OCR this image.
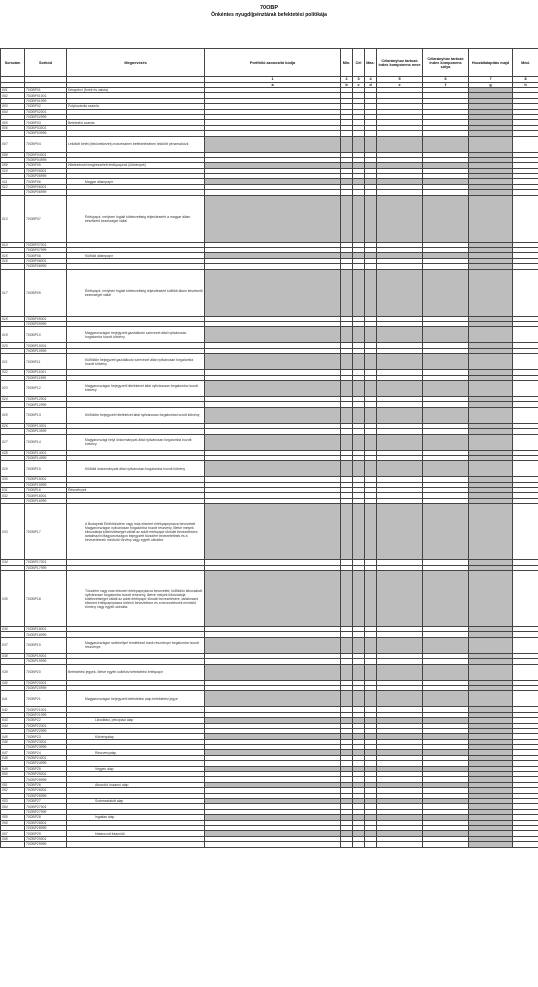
70OBP
Önkéntes nyugdíjpénztárak befektetési politikája
Sorszám	Sorkód	Megnevezés	Portfólió azonosító kódja	Min.	Cél	Max.	Célarányhoz tartozó index komponens neve	Célarányhoz tartozó index komponens súlya	Hozzállalapítás majd	Mód.
			1	2	3	4	5	6	7	8
			a	b	c	d	e	f	g	h
001	70OBP01	Készpénz (forint és valuta)								
002	70OBP01001									
	70OBP01999									
003	70OBP02	Folyószámla számla								
004	70OBP02001									
	70OBP02999									
005	70OBP03	Betételési számla								
006	70OBP03001									
	70OBP03999									
007	70OBP04	Lekötött betét (bekövetkezés) másrészben befektetésében lekötött pénzeszközk								
008	70OBP04001									
	70OBP04999									
009	70OBP05	Hitelezésnél megbeszélett értékpapírok (kötvények)								
010	70OBP05001									
	70OBP05999									
011	70OBP06	Magyar állampapír								
012	70OBP06001									
	70OBP06999									
013	70OBP07	Értékpapír, melyben foglalt kötelezettség teljesítéséért a magyar állam készfizető kezességet vállal								
014	70OBP07001									
	70OBP07999									
015	70OBP08	Külföldi állampapír								
016	70OBP08001									
	70OBP08999									
017	70OBP09	Értékpapír, melyben foglalt kötelezettség teljesítéséért külföldi állam készfizető kezességet vállal								
018	70OBP09001									
	70OBP09999									
019	70OBP10	Magyarországon bejegyzett gazdálkodó szervezet által nyilvánosan forgalomba hozott kötvény								
020	70OBP10001									
	70OBP10999									
021	70OBP11	Külföldön bejegyzett gazdálkodó szervezet által nyilvánosan forgalomba hozott kötvény								
022	70OBP11001									
	70OBP11999									
023	70OBP12	Magyarországon bejegyzett hitelintézet által nyilvánosan forgalomba hozott kötvény								
024	70OBP12001									
	70OBP12999									
025	70OBP13	Külföldön bejegyzett hitelintézet által nyilvánosan forgalomba hozott kötvény								
026	70OBP13001									
	70OBP13999									
027	70OBP14	Magyarországi helyi önkormányzat által nyilvánosan forgalomba hozott kötvény								
028	70OBP14001									
	70OBP14999									
029	70OBP15	Külföldi önkormányzat által nyilvánosan forgalomba hozott kötvény								
030	70OBP15001									
	70OBP15999									
031	70OBP16	Részvények								
032	70OBP16001									
	70OBP16999									
033	70OBP17	A Budapesti Értéktőzsdére vagy más elismert értékpapírpiacra bevezetett Magyarországon nyilvánosan forgalomba hozott részvény, illetve melyek kibocsátója kötelezettséget vállalt az adott értékpapír tőzsdei bevezetésére, tartalmazni Magyarországon bejegyzett tőzsdére bevezetettnek és a bevezetésnek minősítő törvény vagy egyéb okiratba								
034	70OBP17001									
	70OBP17999									
035	70OBP18	Tőzsdére vagy más elismert értékpapírpiacra bevezetett, külföldön kibocsátott, nyilvánosan forgalomba hozott részvény, illetve melyek kibocsátója kötelezettséget vállalt az adott értékpapír tőzsdei bevezetésére, tartalmazni elismert értékpapírpiacra történő bevezetésre és a bevezetésnek minősítő törvény vagy egyéb okiratba								
036	70OBP18001									
	70OBP18999									
037	70OBP19	Magyarországon székhellyel rendelkező bank részvényei forgalomba hozott részvénye								
038	70OBP19001									
	70OBP19999									
039	70OBP20	Befektetési jegyek, illetve egyéb kollektív befektetési értékpapír								
040	70OBP20001									
	70OBP20999									
041	70OBP21	Magyarországon bejegyzett befektetési alap befektetési jegye								
042	70OBP21001									
	70OBP21999									
043	70OBP22	Likviditási, pénzpiaci alap								
044	70OBP22001									
	70OBP22999									
045	70OBP23	Kötvényalap								
046	70OBP23001									
	70OBP23999									
047	70OBP24	Részvényalap								
048	70OBP24001									
	70OBP24999									
049	70OBP25	Vegyes alap								
050	70OBP25001									
	70OBP25999									
051	70OBP26	Abszolút hozamú alap								
052	70OBP26001									
	70OBP26999									
053	70OBP27	Származtatott alap								
054	70OBP27001									
	70OBP27999									
055	70OBP28	Ingatlan alap								
056	70OBP28001									
	70OBP28999									
057	70OBP29	Határozott futamidő								
058	70OBP29001									
	70OBP29999									
